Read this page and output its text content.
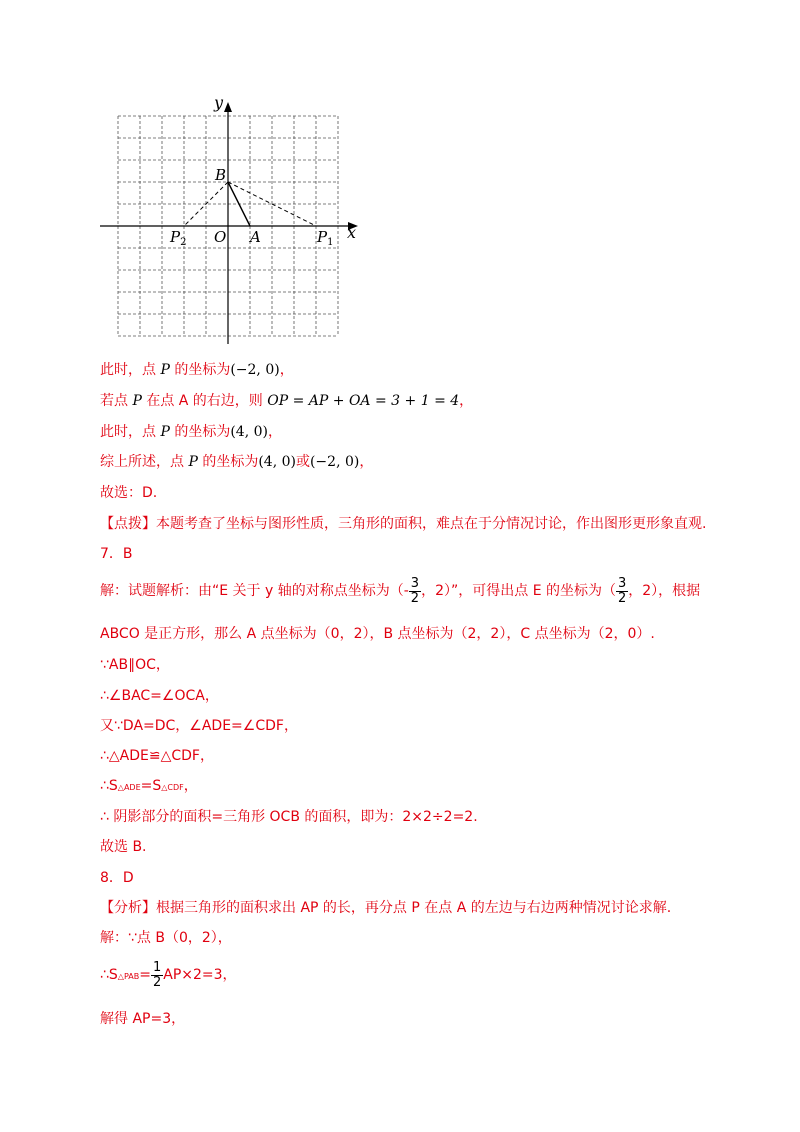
x
y
B
O A	$P_1$
$P_2$
此时，点 P 的坐标为(−2, 0)，
若点 P 在点 A 的右边，则 OP = AP + OA = 3 + 1 = 4，
此时，点 P 的坐标为(4, 0)，
综上所述，点 P 的坐标为(4, 0)或(−2, 0)，
故选：D.
【点拨】本题考查了坐标与图形性质，三角形的面积，难点在于分情况讨论，作出图形更形象直观.
7．B
解：试题解析：由“E 关于 y 轴的对称点坐标为（- $\frac{3}{2}$ ，2）”，可得出点 E 的坐标为（ $\frac{3}{2}$ ，2），根据
ABCO 是正方形，那么 A 点坐标为（0，2），B 点坐标为（2，2），C 点坐标为（2，0）.
∵AB∥OC，
∴∠BAC=∠OCA，
又∵DA=DC，∠ADE=∠CDF，
∴△ADE≌△CDF，
∴S△ADE=S△CDF，
∴ 阴影部分的面积=三角形 OCB 的面积，即为：2×2÷2=2.
故选 B.
8．D
【分析】根据三角形的面积求出 AP 的长，再分点 P 在点 A 的左边与右边两种情况讨论求解.
解：∵点 B（0，2），
∴S△PAB= $\frac{1}{2} AP\times 2=3$，
解得 AP=3，
